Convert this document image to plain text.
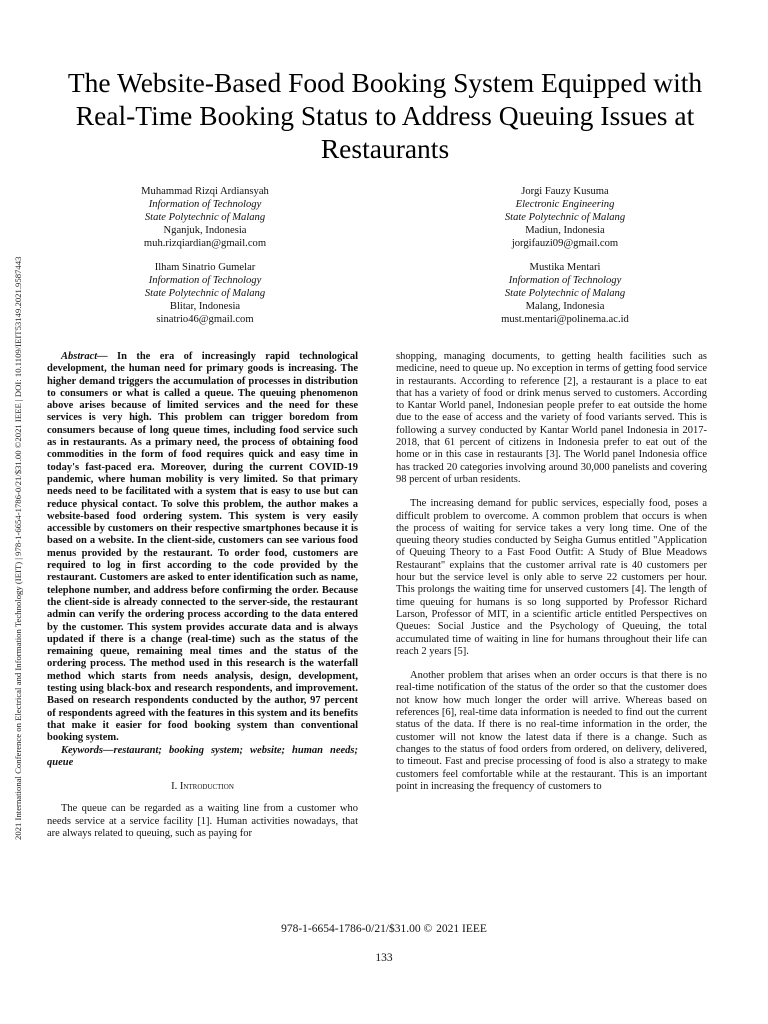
2021 International Conference on Electrical and Information Technology (IEIT) | 978-1-6654-1786-0/21/$31.00 ©2021 IEEE | DOI: 10.1109/IEIT53149.2021.9587443
The Website-Based Food Booking System Equipped with Real-Time Booking Status to Address Queuing Issues at Restaurants
Muhammad Rizqi Ardiansyah
Information of Technology
State Polytechnic of Malang
Nganjuk, Indonesia
muh.rizqiardian@gmail.com
Jorgi Fauzy Kusuma
Electronic Engineering
State Polytechnic of Malang
Madiun, Indonesia
jorgifauzi09@gmail.com
Ilham Sinatrio Gumelar
Information of Technology
State Polytechnic of Malang
Blitar, Indonesia
sinatrio46@gmail.com
Mustika Mentari
Information of Technology
State Polytechnic of Malang
Malang, Indonesia
must.mentari@polinema.ac.id

Abstract— In the era of increasingly rapid technological development, the human need for primary goods is increasing. The higher demand triggers the accumulation of processes in distribution to consumers or what is called a queue. The queuing phenomenon above arises because of limited services and the need for these services is very high. This problem can trigger boredom from consumers because of long queue times, including food service such as in restaurants. As a primary need, the process of obtaining food commodities in the form of food requires quick and easy time in today's fast-paced era. Moreover, during the current COVID-19 pandemic, where human mobility is very limited. So that primary needs need to be facilitated with a system that is easy to use but can reduce physical contact. To solve this problem, the author makes a website-based food ordering system. This system is very easily accessible by customers on their respective smartphones because it is based on a website. In the client-side, customers can see various food menus provided by the restaurant. To order food, customers are required to log in first according to the code provided by the restaurant. Customers are asked to enter identification such as name, telephone number, and address before confirming the order. Because the client-side is already connected to the server-side, the restaurant admin can verify the ordering process according to the data entered by the customer. This system provides accurate data and is always updated if there is a change (real-time) such as the status of the remaining queue, remaining meal times and the status of the ordering process. The method used in this research is the waterfall method which starts from needs analysis, design, development, testing using black-box and research respondents, and improvement. Based on research respondents conducted by the author, 97 percent of respondents agreed with the features in this system and its benefits that make it easier for food booking system than conventional booking system.

Keywords—restaurant; booking system; website; human needs; queue

I. Introduction

The queue can be regarded as a waiting line from a customer who needs service at a service facility [1]. Human activities nowadays, that are always related to queuing, such as paying for

shopping, managing documents, to getting health facilities such as medicine, need to queue up. No exception in terms of getting food service in restaurants. According to reference [2], a restaurant is a place to eat that has a variety of food or drink menus served to customers. According to Kantar World panel, Indonesian people prefer to eat outside the home due to the ease of access and the variety of food variants served. This is following a survey conducted by Kantar World panel Indonesia in 2017-2018, that 61 percent of citizens in Indonesia prefer to eat out of the home or in this case in restaurants [3]. The World panel Indonesia office has tracked 20 categories involving around 30,000 panelists and covering 98 percent of urban residents.

The increasing demand for public services, especially food, poses a difficult problem to overcome. A common problem that occurs is when the process of waiting for service takes a very long time. One of the queuing theory studies conducted by Seigha Gumus entitled "Application of Queuing Theory to a Fast Food Outfit: A Study of Blue Meadows Restaurant" explains that the customer arrival rate is 40 customers per hour but the service level is only able to serve 22 customers per hour. This prolongs the waiting time for unserved customers [4]. The length of time queuing for humans is so long supported by Professor Richard Larson, Professor of MIT, in a scientific article entitled Perspectives on Queues: Social Justice and the Psychology of Queuing, the total accumulated time of waiting in line for humans throughout their life can reach 2 years [5].

Another problem that arises when an order occurs is that there is no real-time notification of the status of the order so that the customer does not know how much longer the order will arrive. Whereas based on references [6], real-time data information is needed to find out the current status of the data. If there is no real-time information in the order, the customer will not know the latest data if there is a change. Such as changes to the status of food orders from ordered, on delivery, delivered, to timeout. Fast and precise processing of food is also a strategy to make customers feel comfortable while at the restaurant. This is an important point in increasing the frequency of customers to

978-1-6654-1786-0/21/$31.00 © 2021 IEEE
133
